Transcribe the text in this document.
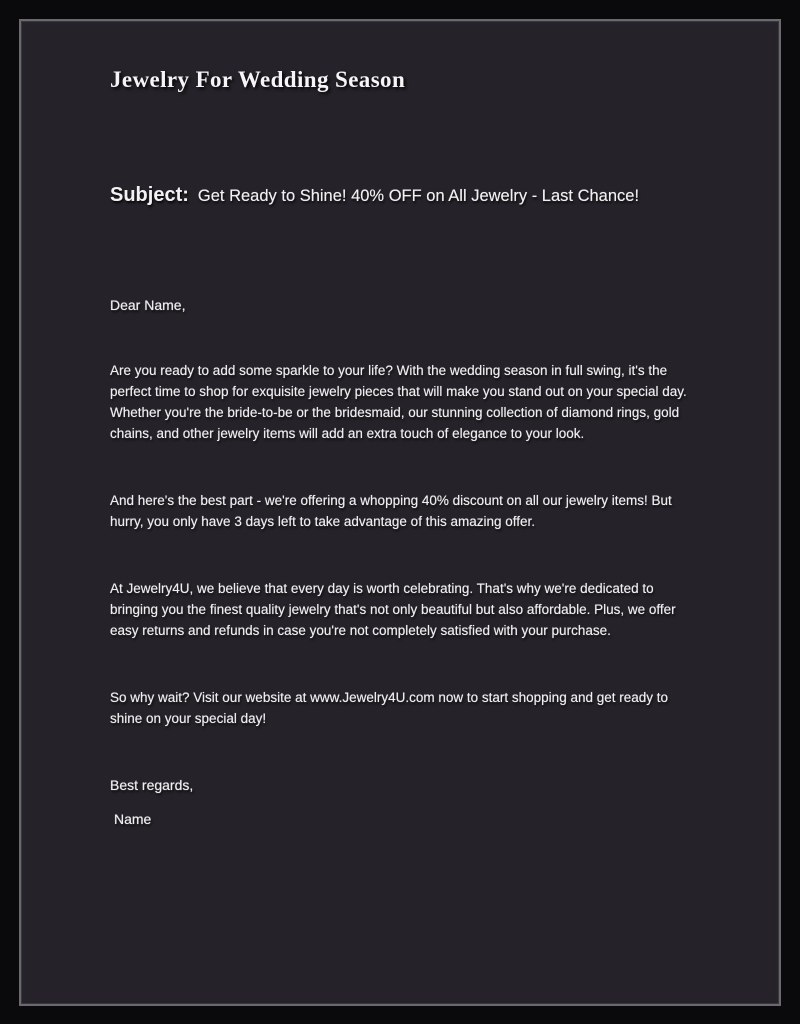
Jewelry For Wedding Season
Subject: Get Ready to Shine! 40% OFF on All Jewelry - Last Chance!

Dear Name,

Are you ready to add some sparkle to your life? With the wedding season in full swing, it's the perfect time to shop for exquisite jewelry pieces that will make you stand out on your special day. Whether you're the bride-to-be or the bridesmaid, our stunning collection of diamond rings, gold chains, and other jewelry items will add an extra touch of elegance to your look.

And here's the best part - we're offering a whopping 40% discount on all our jewelry items! But hurry, you only have 3 days left to take advantage of this amazing offer.

At Jewelry4U, we believe that every day is worth celebrating. That's why we're dedicated to bringing you the finest quality jewelry that's not only beautiful but also affordable. Plus, we offer easy returns and refunds in case you're not completely satisfied with your purchase.

So why wait? Visit our website at www.Jewelry4U.com now to start shopping and get ready to shine on your special day!

Best regards,

Name
